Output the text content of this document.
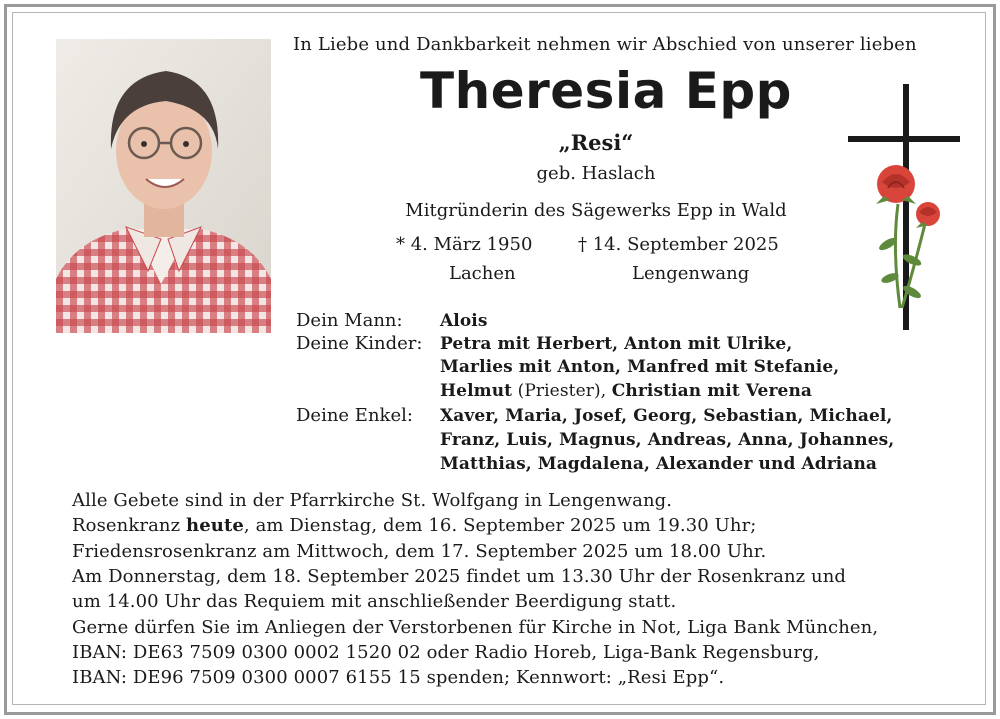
In Liebe und Dankbarkeit nehmen wir Abschied von unserer lieben
Theresia Epp
„Resi“
geb. Haslach
Mitgründerin des Sägewerks Epp in Wald
* 4. März 1950	† 14. September 2025
Lachen	Lengenwang
Dein Mann: Alois
Deine Kinder: Petra mit Herbert, Anton mit Ulrike,
Marlies mit Anton, Manfred mit Stefanie,
Helmut (Priester), Christian mit Verena
Deine Enkel: Xaver, Maria, Josef, Georg, Sebastian, Michael,
Franz, Luis, Magnus, Andreas, Anna, Johannes,
Matthias, Magdalena, Alexander und Adriana
Alle Gebete sind in der Pfarrkirche St. Wolfgang in Lengenwang.
Rosenkranz heute, am Dienstag, dem 16. September 2025 um 19.30 Uhr;
Friedensrosenkranz am Mittwoch, dem 17. September 2025 um 18.00 Uhr.
Am Donnerstag, dem 18. September 2025 findet um 13.30 Uhr der Rosenkranz und
um 14.00 Uhr das Requiem mit anschließender Beerdigung statt.
Gerne dürfen Sie im Anliegen der Verstorbenen für Kirche in Not, Liga Bank München,
IBAN: DE63 7509 0300 0002 1520 02 oder Radio Horeb, Liga-Bank Regensburg,
IBAN: DE96 7509 0300 0007 6155 15 spenden; Kennwort: „Resi Epp“.
